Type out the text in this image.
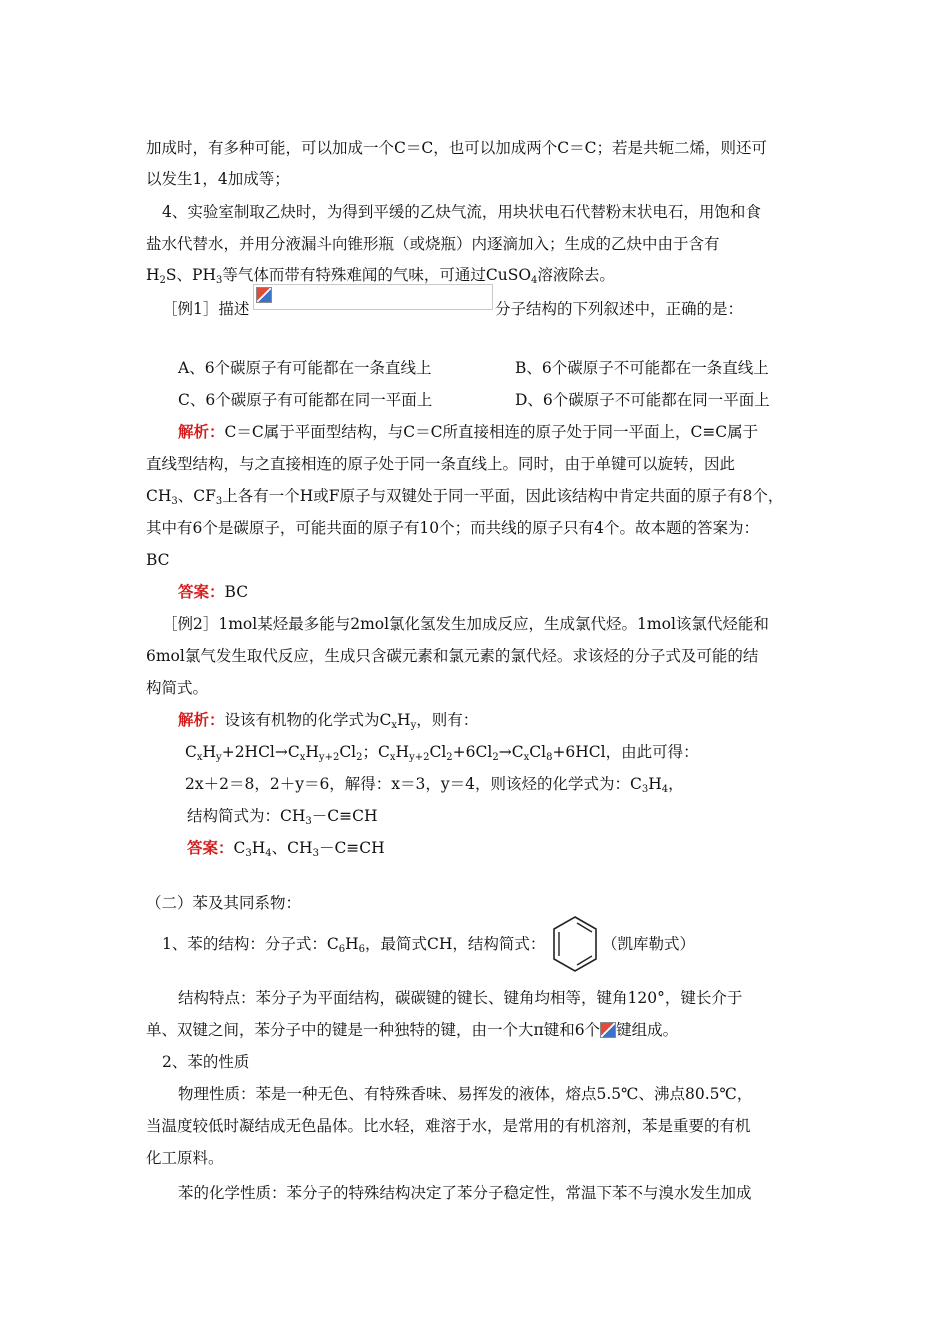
加成时，有多种可能，可以加成一个C＝C，也可以加成两个C＝C；若是共轭二烯，则还可
以发生1，4加成等；
4、实验室制取乙炔时，为得到平缓的乙炔气流，用块状电石代替粉末状电石，用饱和食
盐水代替水，并用分液漏斗向锥形瓶（或烧瓶）内逐滴加入；生成的乙炔中由于含有
$H_2S$、$PH_3$等气体而带有特殊难闻的气味，可通过CuSO$_4$溶液除去。
［例1］描述	分子结构的下列叙述中，正确的是：
A、6个碳原子有可能都在一条直线上	B、6个碳原子不可能都在一条直线上
C、6个碳原子有可能都在同一平面上	D、6个碳原子不可能都在同一平面上
解析：C＝C属于平面型结构，与C＝C所直接相连的原子处于同一平面上，C≡C属于
直线型结构，与之直接相连的原子处于同一条直线上。同时，由于单键可以旋转，因此
$CH_3$、$CF_3$上各有一个H或F原子与双键处于同一平面，因此该结构中肯定共面的原子有8个，
其中有6个是碳原子，可能共面的原子有10个；而共线的原子只有4个。故本题的答案为：
BC
答案：BC
［例2］1mol某烃最多能与2mol氯化氢发生加成反应，生成氯代烃。1mol该氯代烃能和
6mol氯气发生取代反应，生成只含碳元素和氯元素的氯代烃。求该烃的分子式及可能的结
构简式。
解析：设该有机物的化学式为$C_xH_y$，则有：
$C_xH_y+2HCl\to C_xH_{y+2}Cl_2$；$C_xH_{y+2}Cl_2+6Cl_2\to C_xCl_8+6HCl$，由此可得：
2x＋2＝8，2＋y＝6，解得：x＝3，y＝4，则该烃的化学式为：$C_3H_4$，
结构简式为：$CH_3-C\equiv CH$
答案：$C_3H_4$、$CH_3-C\equiv CH$
（二）苯及其同系物：
1、苯的结构：分子式：$C_6H_6$，最简式CH，结构简式：	（凯库勒式）
结构特点：苯分子为平面结构，碳碳键的键长、键角均相等，键角120°，键长介于
单、双键之间，苯分子中的键是一种独特的键，由一个大π键和6个 键组成。
2、苯的性质
物理性质：苯是一种无色、有特殊香味、易挥发的液体，熔点5.5℃、沸点80.5℃，
当温度较低时凝结成无色晶体。比水轻，难溶于水，是常用的有机溶剂，苯是重要的有机
化工原料。
苯的化学性质：苯分子的特殊结构决定了苯分子稳定性，常温下苯不与溴水发生加成
